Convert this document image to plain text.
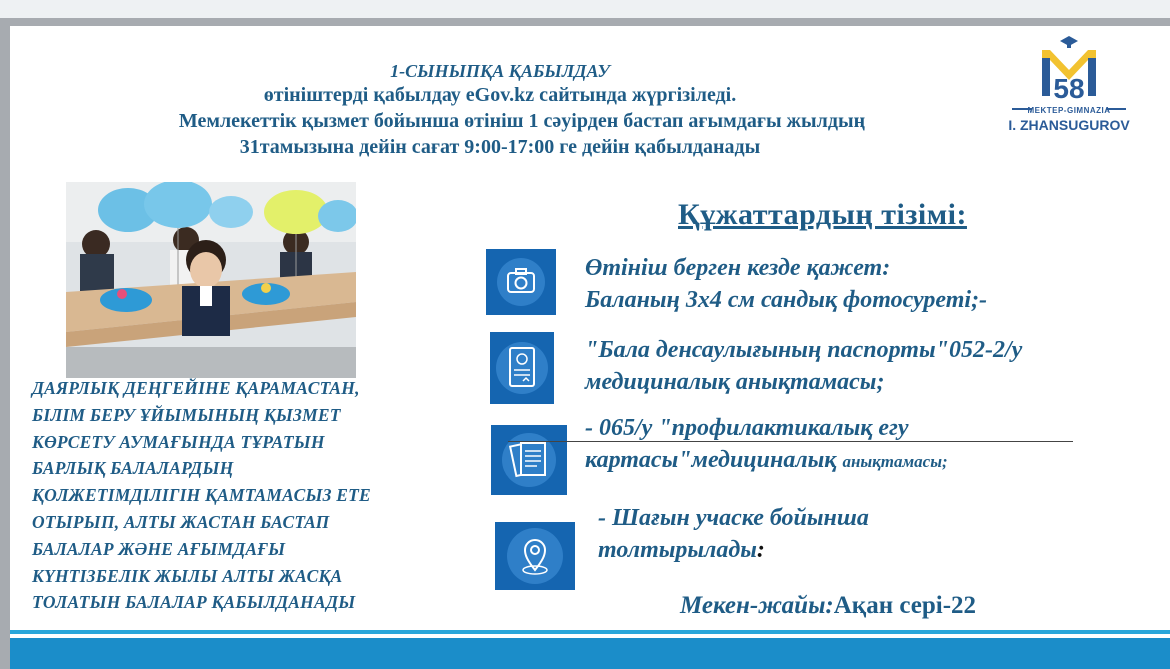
1-СЫНЫПҚА ҚАБЫЛДАУ
өтініштерді қабылдау eGov.kz сайтында жүргізіледі.
Мемлекеттік қызмет бойынша өтініш 1 сәуірден бастап ағымдағы жылдың
31тамызына дейін сағат 9:00-17:00 ге дейін қабылданады
58
MEKTEP-GIMNAZIA
I. ZHANSUGUROV
ДАЯРЛЫҚ ДЕҢГЕЙІНЕ ҚАРАМАСТАН,
БІЛІМ БЕРУ ҰЙЫМЫНЫҢ ҚЫЗМЕТ
КӨРСЕТУ АУМАҒЫНДА ТҰРАТЫН
БАРЛЫҚ БАЛАЛАРДЫҢ
ҚОЛЖЕТІМДІЛІГІН ҚАМТАМАСЫЗ ЕТЕ
ОТЫРЫП, АЛТЫ ЖАСТАН БАСТАП
БАЛАЛАР ЖӘНЕ АҒЫМДАҒЫ
КҮНТІЗБЕЛІК ЖЫЛЫ АЛТЫ ЖАСҚА
ТОЛАТЫН БАЛАЛАР ҚАБЫЛДАНАДЫ
Құжаттардың тізімі:
Өтініш берген кезде қажет:
Баланың 3х4 см сандық фотосуреті;-
"Бала денсаулығының паспорты"052-2/у
медициналық анықтамасы;
- 065/у "профилактикалық егу
картасы"медициналық анықтамасы;
- Шағын учаске бойынша
толтырылады:
Мекен-жайы:Ақан серi-22
